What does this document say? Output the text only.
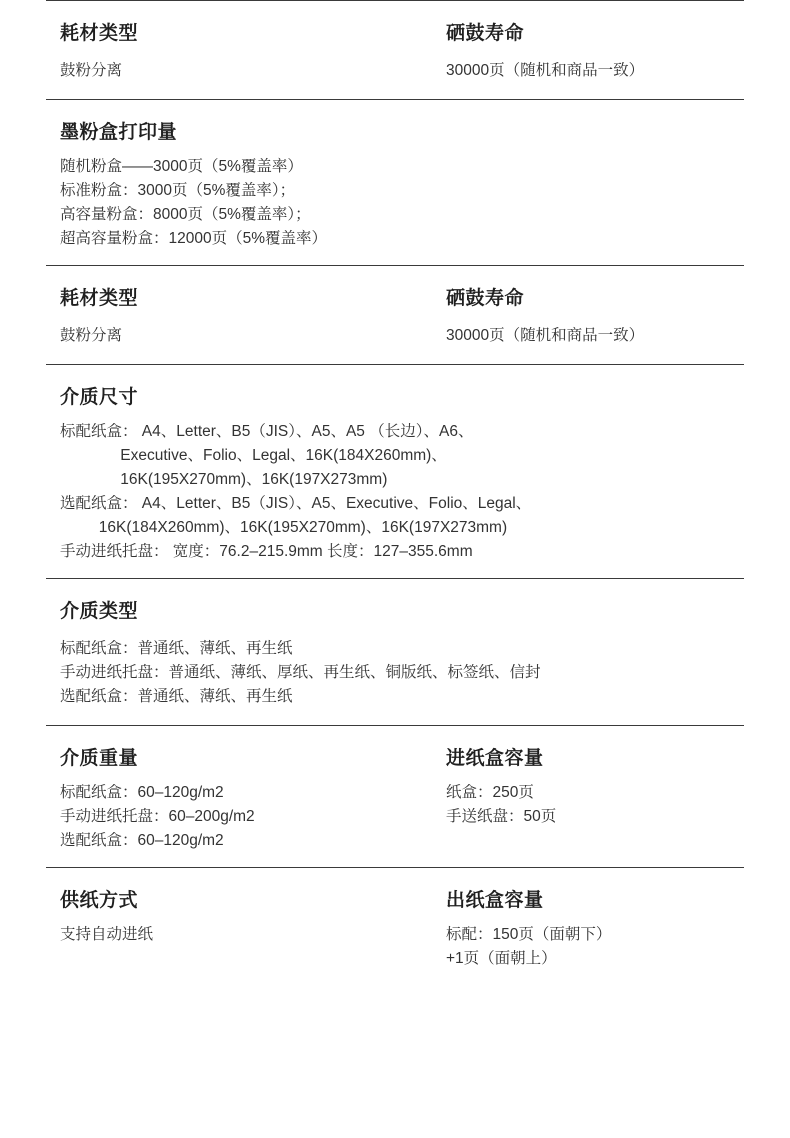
耗材类型
鼓粉分离
硒鼓寿命
30000页（随机和商品一致）
墨粉盒打印量
随机粉盒——3000页（5%覆盖率）
标准粉盒：3000页（5%覆盖率）；
高容量粉盒：8000页（5%覆盖率）；
超高容量粉盒：12000页（5%覆盖率）
耗材类型
鼓粉分离
硒鼓寿命
30000页（随机和商品一致）
介质尺寸
标配纸盒： A4、Letter、B5（JIS）、A5、A5 （长边）、A6、
Executive、Folio、Legal、16K(184X260mm)、
16K(195X270mm)、16K(197X273mm)
选配纸盒： A4、Letter、B5（JIS）、A5、Executive、Folio、Legal、
16K(184X260mm)、16K(195X270mm)、16K(197X273mm)
手动进纸托盘： 宽度：76.2–215.9mm 长度：127–355.6mm
介质类型
标配纸盒：普通纸、薄纸、再生纸
手动进纸托盘：普通纸、薄纸、厚纸、再生纸、铜版纸、标签纸、信封
选配纸盒：普通纸、薄纸、再生纸
介质重量
标配纸盒：60–120g/m2
手动进纸托盘：60–200g/m2
选配纸盒：60–120g/m2
进纸盒容量
纸盒：250页
手送纸盘：50页
供纸方式
支持自动进纸
出纸盒容量
标配：150页（面朝下）
+1页（面朝上）
